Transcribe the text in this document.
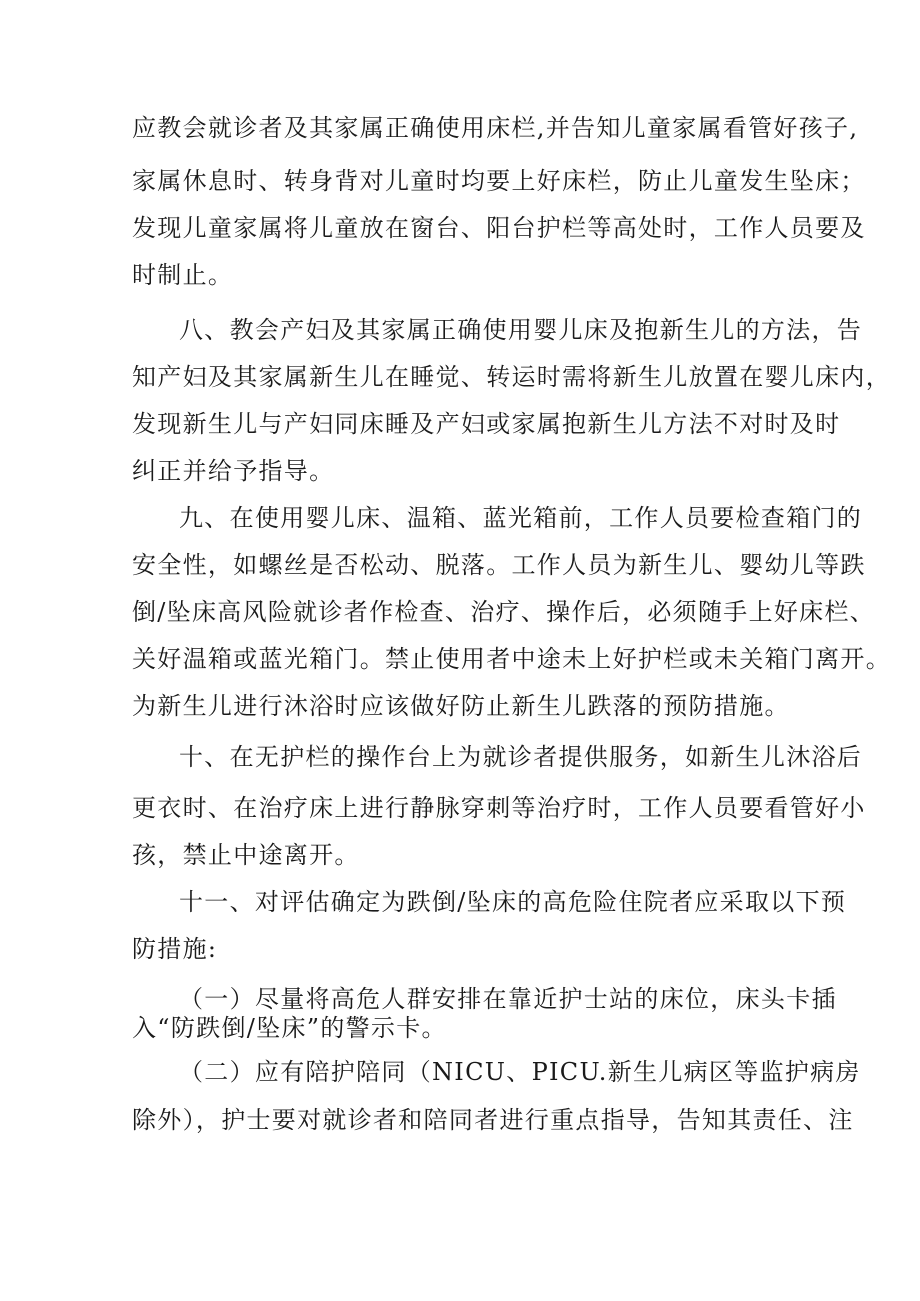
应教会就诊者及其家属正确使用床栏,并告知儿童家属看管好孩子,
家属休息时、转身背对儿童时均要上好床栏，防止儿童发生坠床；
发现儿童家属将儿童放在窗台、阳台护栏等高处时，工作人员要及
时制止。
八、教会产妇及其家属正确使用婴儿床及抱新生儿的方法，告
知产妇及其家属新生儿在睡觉、转运时需将新生儿放置在婴儿床内，
发现新生儿与产妇同床睡及产妇或家属抱新生儿方法不对时及时
纠正并给予指导。
九、在使用婴儿床、温箱、蓝光箱前，工作人员要检查箱门的
安全性，如螺丝是否松动、脱落。工作人员为新生儿、婴幼儿等跌
倒/坠床高风险就诊者作检查、治疗、操作后，必须随手上好床栏、
关好温箱或蓝光箱门。禁止使用者中途未上好护栏或未关箱门离开。
为新生儿进行沐浴时应该做好防止新生儿跌落的预防措施。
十、在无护栏的操作台上为就诊者提供服务，如新生儿沐浴后
更衣时、在治疗床上进行静脉穿刺等治疗时，工作人员要看管好小
孩，禁止中途离开。
十一、对评估确定为跌倒/坠床的高危险住院者应采取以下预
防措施:
（一）尽量将高危人群安排在靠近护士站的床位，床头卡插
入“防跌倒/坠床”的警示卡。
（二）应有陪护陪同（NICU、PICU.新生儿病区等监护病房
除外），护士要对就诊者和陪同者进行重点指导，告知其责任、注
